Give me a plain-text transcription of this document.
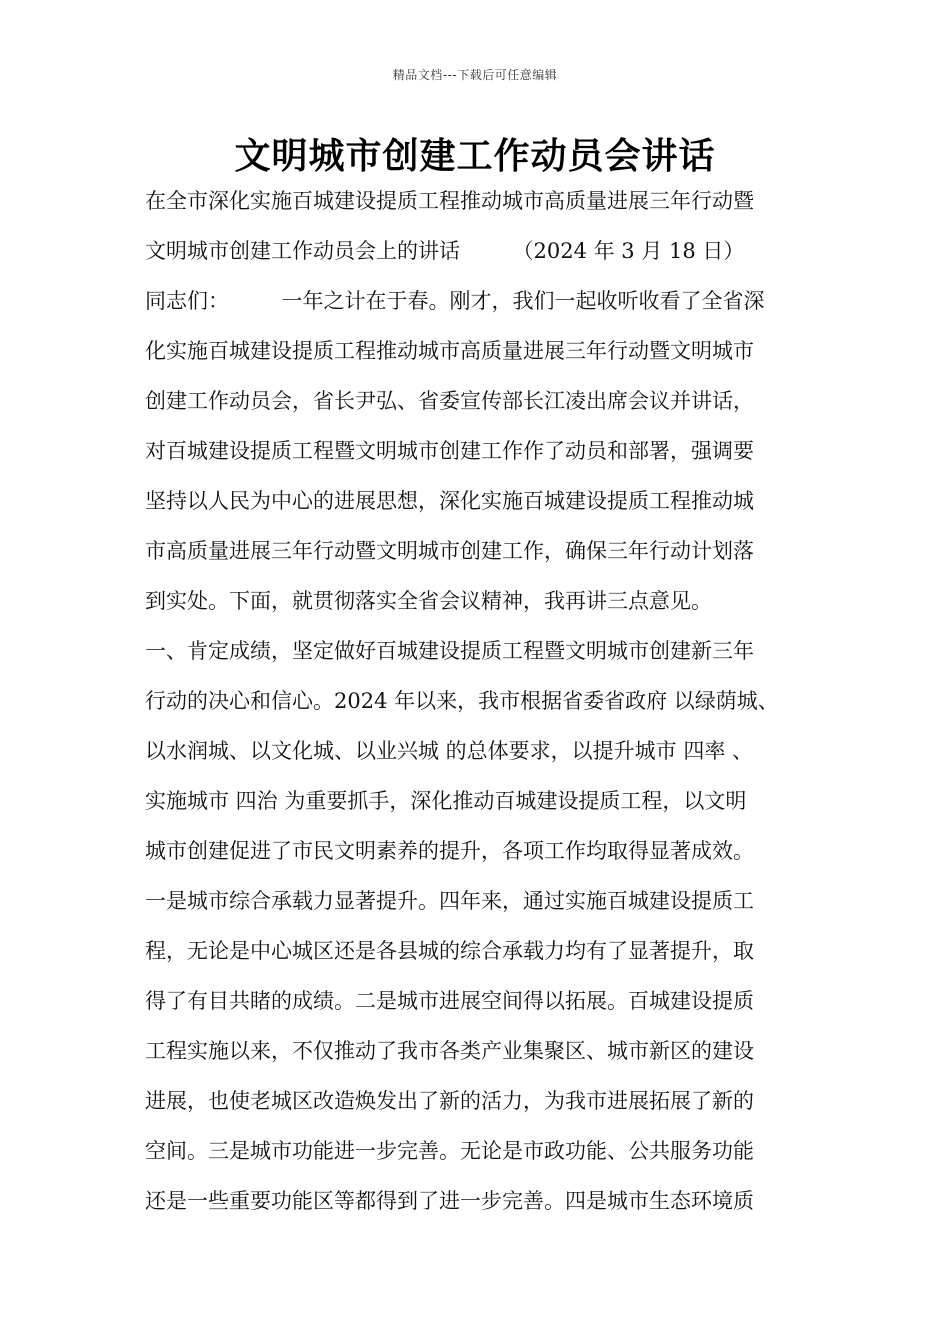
精品文档---下载后可任意编辑
文明城市创建工作动员会讲话
在全市深化实施百城建设提质工程推动城市高质量进展三年行动暨
文明城市创建工作动员会上的讲话　　　（2024 年 3 月 18 日）
同志们：　　　一年之计在于春。刚才，我们一起收听收看了全省深
化实施百城建设提质工程推动城市高质量进展三年行动暨文明城市
创建工作动员会，省长尹弘、省委宣传部长江凌出席会议并讲话，
对百城建设提质工程暨文明城市创建工作作了动员和部署，强调要
坚持以人民为中心的进展思想，深化实施百城建设提质工程推动城
市高质量进展三年行动暨文明城市创建工作，确保三年行动计划落
到实处。下面，就贯彻落实全省会议精神，我再讲三点意见。
一、肯定成绩，坚定做好百城建设提质工程暨文明城市创建新三年
行动的决心和信心。2024 年以来，我市根据省委省政府 以绿荫城、
以水润城、以文化城、以业兴城 的总体要求，以提升城市 四率 、
实施城市 四治 为重要抓手，深化推动百城建设提质工程，以文明
城市创建促进了市民文明素养的提升，各项工作均取得显著成效。
一是城市综合承载力显著提升。四年来，通过实施百城建设提质工
程，无论是中心城区还是各县城的综合承载力均有了显著提升，取
得了有目共睹的成绩。二是城市进展空间得以拓展。百城建设提质
工程实施以来，不仅推动了我市各类产业集聚区、城市新区的建设
进展，也使老城区改造焕发出了新的活力，为我市进展拓展了新的
空间。三是城市功能进一步完善。无论是市政功能、公共服务功能
还是一些重要功能区等都得到了进一步完善。四是城市生态环境质
